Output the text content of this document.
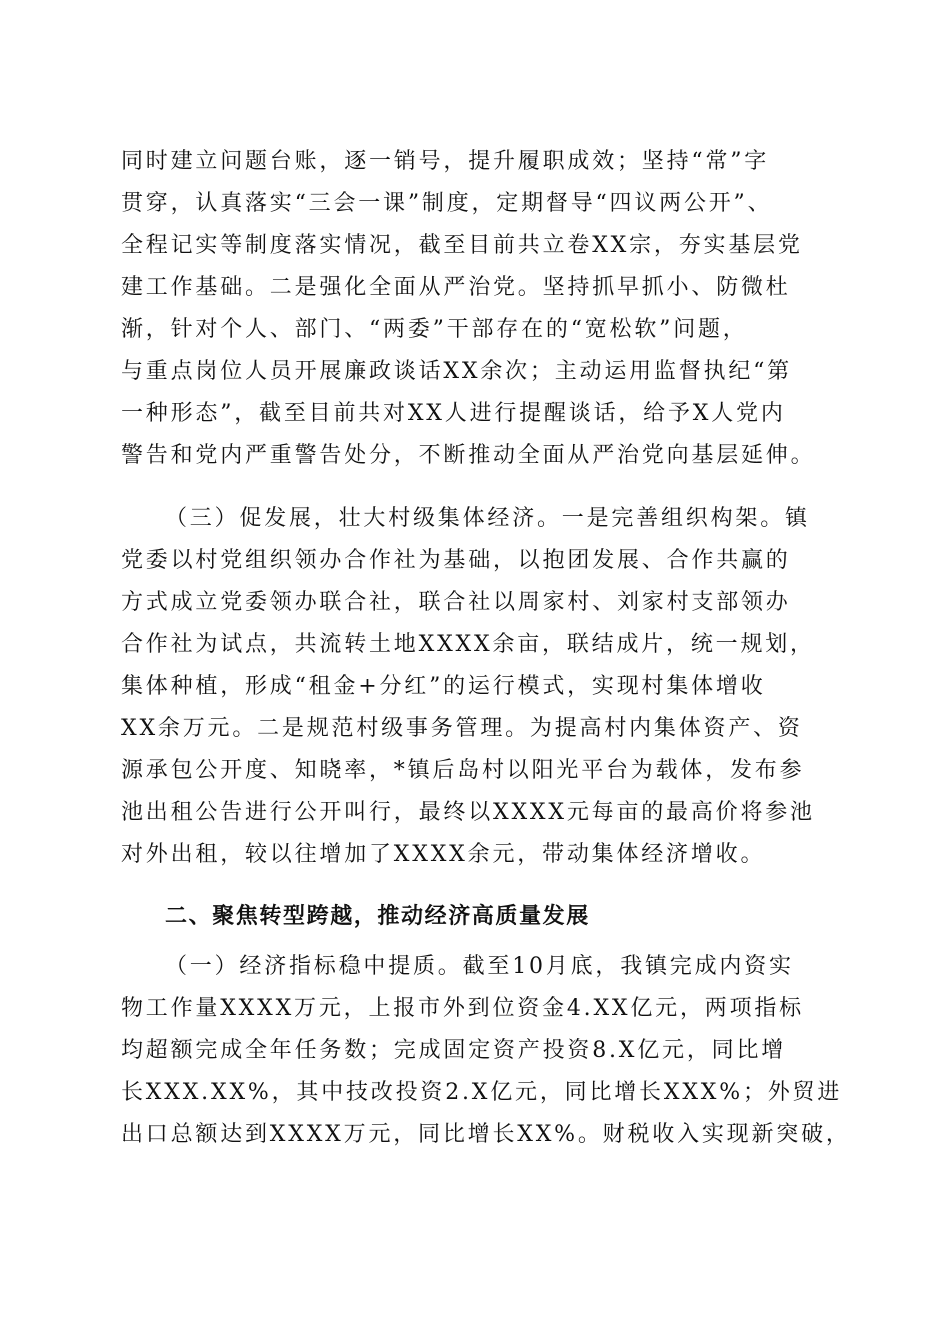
同时建立问题台账，逐一销号，提升履职成效；坚持“常”字
贯穿，认真落实“三会一课”制度，定期督导“四议两公开”、
全程记实等制度落实情况，截至目前共立卷XX宗，夯实基层党
建工作基础。二是强化全面从严治党。坚持抓早抓小、防微杜
渐，针对个人、部门、“两委”干部存在的“宽松软”问题，
与重点岗位人员开展廉政谈话XX余次；主动运用监督执纪“第
一种形态”，截至目前共对XX人进行提醒谈话，给予X人党内
警告和党内严重警告处分，不断推动全面从严治党向基层延伸。
（三）促发展，壮大村级集体经济。一是完善组织构架。镇
党委以村党组织领办合作社为基础，以抱团发展、合作共赢的
方式成立党委领办联合社，联合社以周家村、刘家村支部领办
合作社为试点，共流转土地XXXX余亩，联结成片，统一规划，
集体种植，形成“租金+分红”的运行模式，实现村集体增收
XX余万元。二是规范村级事务管理。为提高村内集体资产、资
源承包公开度、知晓率，*镇后岛村以阳光平台为载体，发布参
池出租公告进行公开叫行，最终以XXXX元每亩的最高价将参池
对外出租，较以往增加了XXXX余元，带动集体经济增收。
二、聚焦转型跨越，推动经济高质量发展
（一）经济指标稳中提质。截至10月底，我镇完成内资实
物工作量XXXX万元，上报市外到位资金4.XX亿元，两项指标
均超额完成全年任务数；完成固定资产投资8.X亿元，同比增
长XXX.XX%，其中技改投资2.X亿元，同比增长XXX%；外贸进
出口总额达到XXXX万元，同比增长XX%。财税收入实现新突破，
